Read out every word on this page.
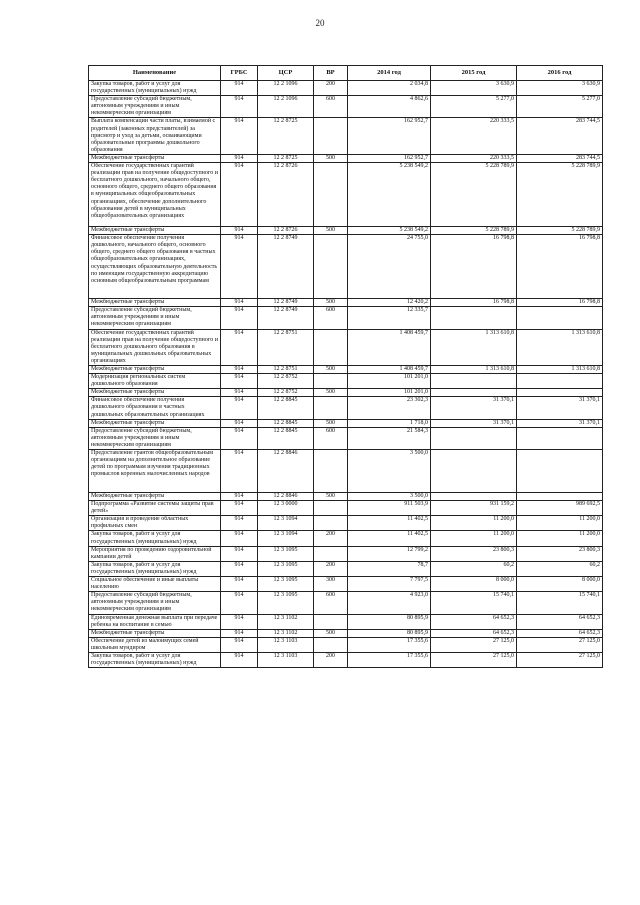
20
Наименование	ГРБС	ЦСР	ВР	2014 год	2015 год	2016 год
Закупка товаров, работ и услуг для государственных (муниципальных) нужд	914	12 2 1096	200	2 034,8	3 630,9	3 630,9
Предоставление субсидий бюджетным, автономным учреждениям и иным некоммерческим организациям	914	12 2 1096	600	4 862,6	5 277,0	5 277,0
Выплата компенсации части платы, взимаемой с родителей (законных представителей) за присмотр и уход за детьми, осваивающими образовательные программы дошкольного образования	914	12 2 8725		162 952,7	220 333,5	283 744,5
Межбюджетные трансферты	914	12 2 8725	500	162 952,7	220 333,5	283 744,5
Обеспечение государственных гарантий реализации прав на получение общедоступного и бесплатного дошкольного, начального общего, основного общего, среднего общего образования в муниципальных общеобразовательных организациях, обеспечение дополнительного образования детей в муниципальных общеобразовательных организациях	914	12 2 8726		5 238 549,2	5 228 789,9	5 228 789,9
Межбюджетные трансферты	914	12 2 8726	500	5 238 549,2	5 228 789,9	5 228 789,9
Финансовое обеспечение получения дошкольного, начального общего, основного общего, среднего общего образования в частных общеобразовательных организациях, осуществляющих образовательную деятельность по имеющим государственную аккредитацию основным общеобразовательным программам	914	12 2 8749		24 755,0	16 798,8	16 798,8
Межбюджетные трансферты	914	12 2 8749	500	12 420,2	16 798,8	16 798,8
Предоставление субсидий бюджетным, автономным учреждениям и иным некоммерческим организациям	914	12 2 8749	600	12 335,7		
Обеспечение государственных гарантий реализации прав на получение общедоступного и бесплатного дошкольного образования в муниципальных дошкольных образовательных организациях	914	12 2 8751		1 408 459,7	1 313 610,8	1 313 610,8
Межбюджетные трансферты	914	12 2 8751	500	1 408 459,7	1 313 610,8	1 313 610,8
Модернизация региональных систем дошкольного образования	914	12 2 8752		101 201,0		
Межбюджетные трансферты	914	12 2 8752	500	101 201,0		
Финансовое обеспечение получения дошкольного образования в частных дошкольных образовательных организациях	914	12 2 8845		23 302,3	31 370,1	31 370,1
Межбюджетные трансферты	914	12 2 8845	500	1 718,0	31 370,1	31 370,1
Предоставление субсидий бюджетным, автономным учреждениям и иным некоммерческим организациям	914	12 2 8845	600	21 584,3		
Предоставление грантов общеобразовательным организациям на дополнительное образование детей по программам изучения традиционных промыслов коренных малочисленных народов	914	12 2 8846		3 500,0		
Межбюджетные трансферты	914	12 2 8846	500	3 500,0		
Подпрограмма «Развитие системы защиты прав детей»	914	12 3 0000		911 503,9	931 159,2	989 692,5
Организация и проведение областных профильных смен	914	12 3 1094		11 402,5	11 200,0	11 200,0
Закупка товаров, работ и услуг для государственных (муниципальных) нужд	914	12 3 1094	200	11 402,5	11 200,0	11 200,0
Мероприятия по проведению оздоровительной кампании детей	914	12 3 1095		12 799,2	23 800,3	23 800,3
Закупка товаров, работ и услуг для государственных (муниципальных) нужд	914	12 3 1095	200	78,7	60,2	60,2
Социальное обеспечение и иные выплаты населению	914	12 3 1095	300	7 797,5	8 000,0	8 000,0
Предоставление субсидий бюджетным, автономным учреждениям и иным некоммерческим организациям	914	12 3 1095	600	4 923,0	15 740,1	15 740,1
Единовременная денежная выплата при передаче ребенка на воспитание в семью	914	12 3 1102		80 895,9	64 652,3	64 652,3
Межбюджетные трансферты	914	12 3 1102	500	80 895,9	64 652,3	64 652,3
Обеспечение детей из малоимущих семей школьным мундиром	914	12 3 1103		17 355,6	27 125,0	27 125,0
Закупка товаров, работ и услуг для государственных (муниципальных) нужд	914	12 3 1103	200	17 355,6	27 125,0	27 125,0
